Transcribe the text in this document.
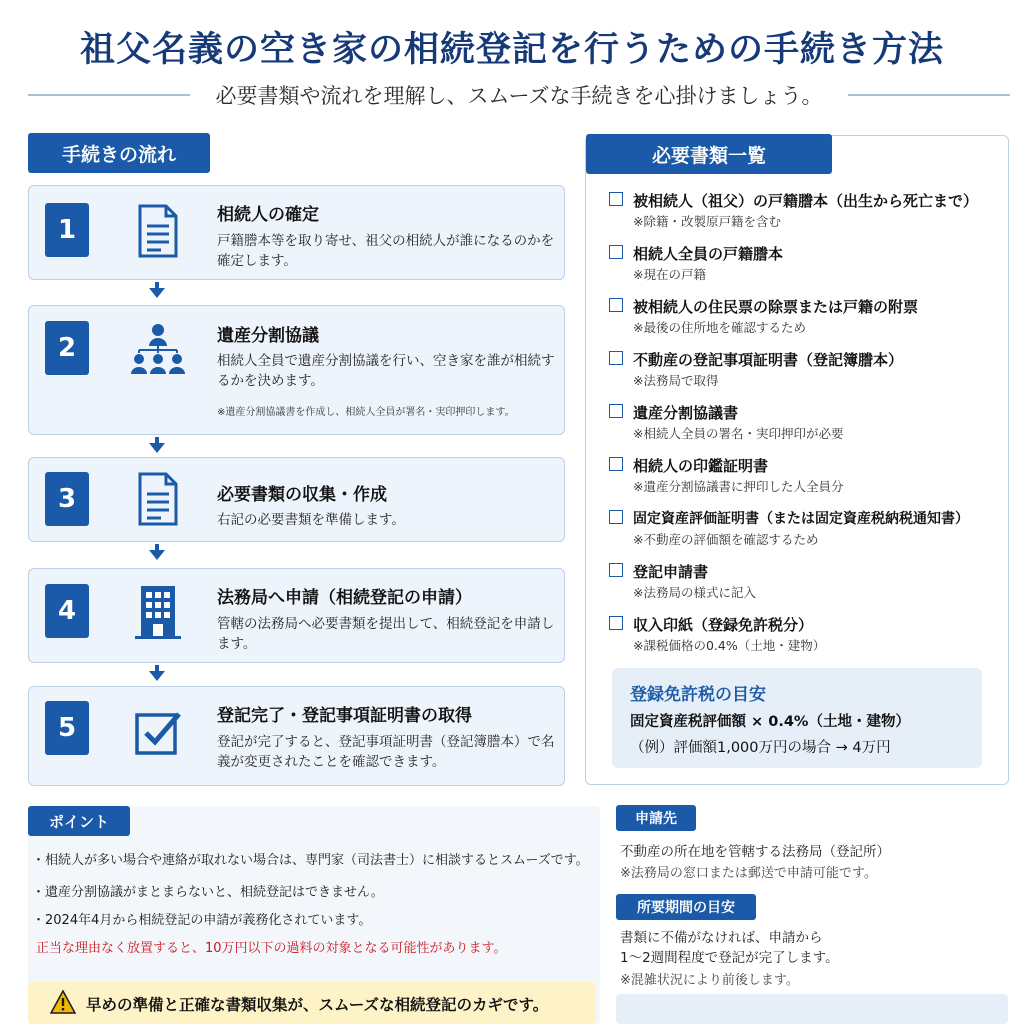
祖父名義の空き家の相続登記を行うための手続き方法
必要書類や流れを理解し、スムーズな手続きを心掛けましょう。
手続きの流れ
1	相続人の確定
戸籍謄本等を取り寄せ、祖父の相続人が誰になるのかを確定します。
2	遺産分割協議
相続人全員で遺産分割協議を行い、空き家を誰が相続するかを決めます。
※遺産分割協議書を作成し、相続人全員が署名・実印押印します。
3	必要書類の収集・作成
右記の必要書類を準備します。
4	法務局へ申請（相続登記の申請）
管轄の法務局へ必要書類を提出して、相続登記を申請します。
5	登記完了・登記事項証明書の取得
登記が完了すると、登記事項証明書（登記簿謄本）で名義が変更されたことを確認できます。
必要書類一覧
被相続人（祖父）の戸籍謄本（出生から死亡まで）
※除籍・改製原戸籍を含む
相続人全員の戸籍謄本
※現在の戸籍
被相続人の住民票の除票または戸籍の附票
※最後の住所地を確認するため
不動産の登記事項証明書（登記簿謄本）
※法務局で取得
遺産分割協議書
※相続人全員の署名・実印押印が必要
相続人の印鑑証明書
※遺産分割協議書に押印した人全員分
固定資産評価証明書（または固定資産税納税通知書）
※不動産の評価額を確認するため
登記申請書
※法務局の様式に記入
収入印紙（登録免許税分）
※課税価格の0.4%（土地・建物）
登録免許税の目安
固定資産税評価額 × 0.4%（土地・建物）
（例）評価額1,000万円の場合 → 4万円
ポイント
・相続人が多い場合や連絡が取れない場合は、専門家（司法書士）に相談するとスムーズです。
・遺産分割協議がまとまらないと、相続登記はできません。
・2024年4月から相続登記の申請が義務化されています。
正当な理由なく放置すると、10万円以下の過料の対象となる可能性があります。
早めの準備と正確な書類収集が、スムーズな相続登記のカギです。
申請先
不動産の所在地を管轄する法務局（登記所）
※法務局の窓口または郵送で申請可能です。
所要期間の目安
書類に不備がなければ、申請から
1〜2週間程度で登記が完了します。
※混雑状況により前後します。
